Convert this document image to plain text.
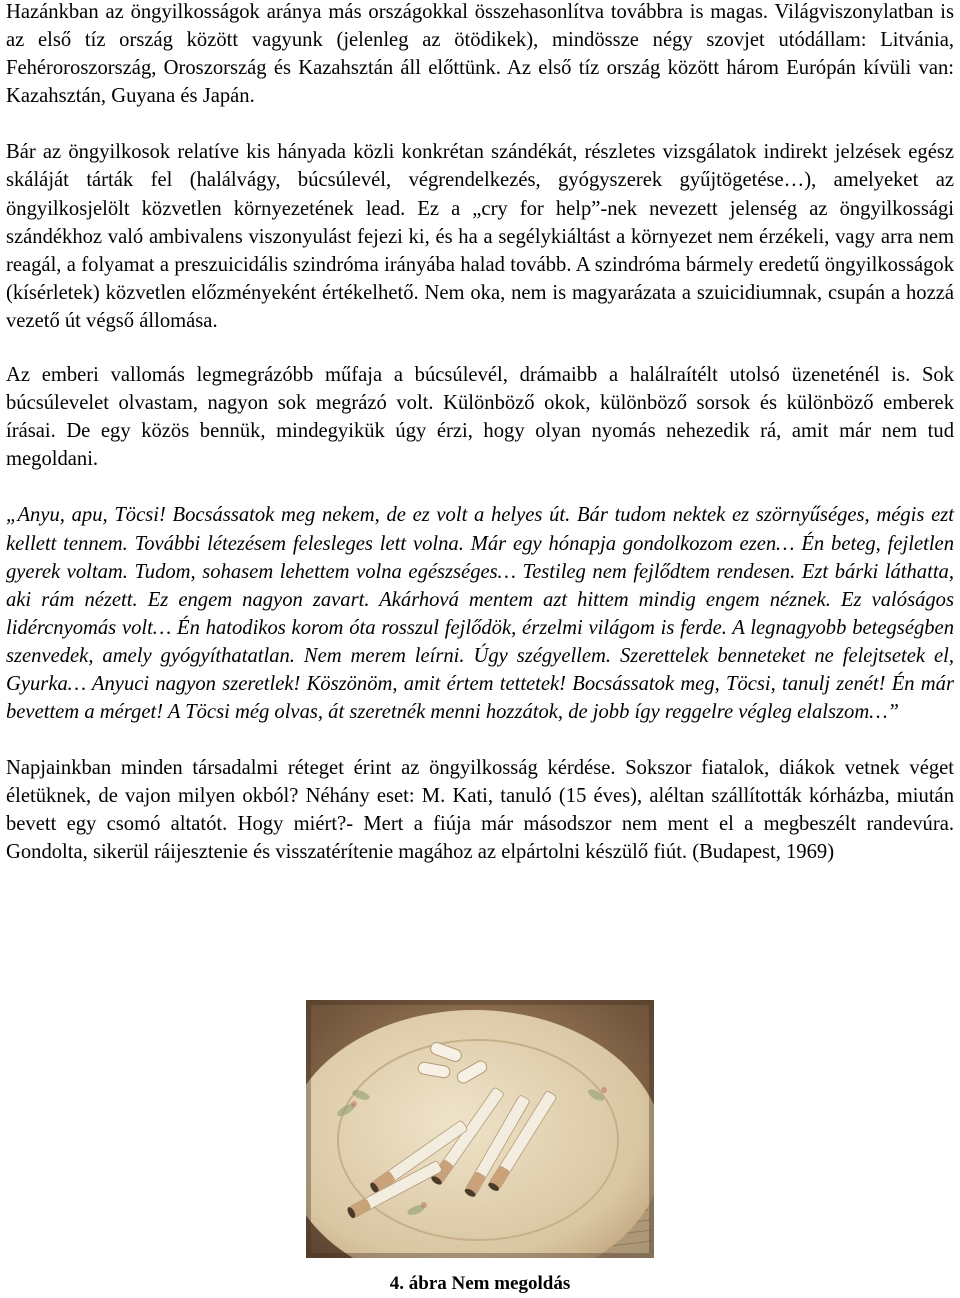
Hazánkban az öngyilkosságok aránya más országokkal összehasonlítva továbbra is magas. Világviszonylatban is az első tíz ország között vagyunk (jelenleg az ötödikek), mindössze négy szovjet utódállam: Litvánia, Fehéroroszország, Oroszország és Kazahsztán áll előttünk. Az első tíz ország között három Európán kívüli van: Kazahsztán, Guyana és Japán.

Bár az öngyilkosok relatíve kis hányada közli konkrétan szándékát, részletes vizsgálatok indirekt jelzések egész skáláját tárták fel (halálvágy, búcsúlevél, végrendelkezés, gyógyszerek gyűjtögetése…), amelyeket az öngyilkosjelölt közvetlen környezetének lead. Ez a „cry for help”-nek nevezett jelenség az öngyilkossági szándékhoz való ambivalens viszonyulást fejezi ki, és ha a segélykiáltást a környezet nem érzékeli, vagy arra nem reagál, a folyamat a preszuicidális szindróma irányába halad tovább. A szindróma bármely eredetű öngyilkosságok (kísérletek) közvetlen előzményeként értékelhető. Nem oka, nem is magyarázata a szuicidiumnak, csupán a hozzá vezető út végső állomása.

Az emberi vallomás legmegrázóbb műfaja a búcsúlevél, drámaibb a halálraítélt utolsó üzeneténél is. Sok búcsúlevelet olvastam, nagyon sok megrázó volt. Különböző okok, különböző sorsok és különböző emberek írásai. De egy közös bennük, mindegyikük úgy érzi, hogy olyan nyomás nehezedik rá, amit már nem tud megoldani.

„Anyu, apu, Töcsi! Bocsássatok meg nekem, de ez volt a helyes út. Bár tudom nektek ez szörnyűséges, mégis ezt kellett tennem. További létezésem felesleges lett volna. Már egy hónapja gondolkozom ezen… Én beteg, fejletlen gyerek voltam. Tudom, sohasem lehettem volna egészséges… Testileg nem fejlődtem rendesen. Ezt bárki láthatta, aki rám nézett. Ez engem nagyon zavart. Akárhová mentem azt hittem mindig engem néznek. Ez valóságos lidércnyomás volt… Én hatodikos korom óta rosszul fejlődök, érzelmi világom is ferde. A legnagyobb betegségben szenvedek, amely gyógyíthatatlan. Nem merem leírni. Úgy szégyellem. Szerettelek benneteket ne felejtsetek el, Gyurka… Anyuci nagyon szeretlek! Köszönöm, amit értem tettetek! Bocsássatok meg, Töcsi, tanulj zenét! Én már bevettem a mérget! A Töcsi még olvas, át szeretnék menni hozzátok, de jobb így reggelre végleg elalszom…”

Napjainkban minden társadalmi réteget érint az öngyilkosság kérdése. Sokszor fiatalok, diákok vetnek véget életüknek, de vajon milyen okból? Néhány eset: M. Kati, tanuló (15 éves), aléltan szállították kórházba, miután bevett egy csomó altatót. Hogy miért?- Mert a fiúja már másodszor nem ment el a megbeszélt randevúra. Gondolta, sikerül ráijesztenie és visszatérítenie magához az elpártolni készülő fiút. (Budapest, 1969)

4. ábra Nem megoldás
